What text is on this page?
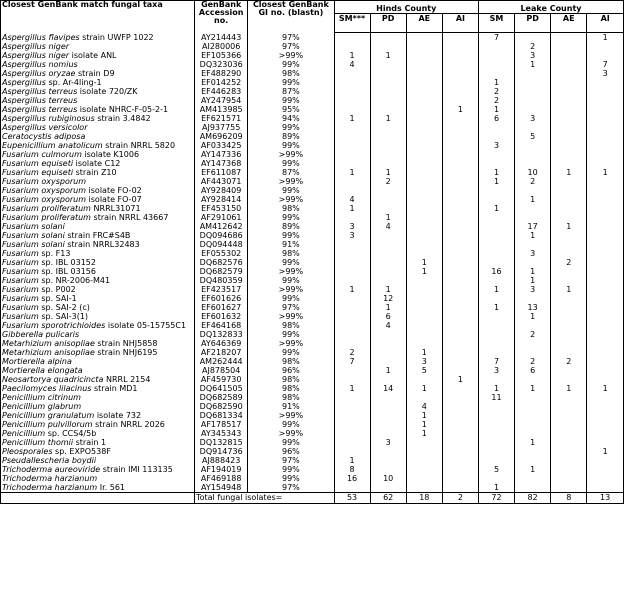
Closest GenBank match fungal taxa	GenBank Accession no.	Closest GenBank GI no. (blastn)	Hinds County				Leake County			
			SM***	PD	AE	AI	SM	PD	AE	AI

Aspergillus flavipes strain UWFP 1022	AY214443	97%					7			1
Aspergillus niger	AI280006	97%						2		
Aspergillus niger isolate ANL	EF105366	>99%	1	1				3		
Aspergillus nomius	DQ323036	99%	4					1		7
Aspergillus oryzae strain D9	EF488290	98%								3
Aspergillus sp. Ar-4ling-1	EF014252	99%					1			
Aspergillus terreus isolate 720/ZK	EF446283	87%					2			
Aspergillus terreus	AY247954	99%					2			
Aspergillus terreus isolate NHRC-F-05-2-1	AM413985	95%				1	1			
Aspergillus rubiginosus strain 3.4842	EF621571	94%	1	1			6	3		
Aspergillus versicolor	AJ937755	99%								
Ceratocystis adiposa	AM696209	89%						5		
Eupenicillium anatolicum strain NRRL 5820	AF033425	99%					3			
Fusarium culmorum isolate K1006	AY147336	>99%								
Fusarium equiseti isolate C12	AY147368	99%								
Fusarium equiseti strain Z10	EF611087	87%	1	1			1	10	1	1
Fusarium oxysporum	AF443071	>99%		2			1	2		
Fusarium oxysporum isolate FO-02	AY928409	99%								
Fusarium oxysporum isolate FO-07	AY928414	>99%	4					1		
Fusarium proliferatum NRRL31071	EF453150	98%	1				1			
Fusarium proliferatum strain NRRL 43667	AF291061	99%		1						
Fusarium solani	AM412642	89%	3	4				17	1	
Fusarium solani strain FRC#S4B	DQ094686	99%	3					1		
Fusarium solani strain NRRL32483	DQ094448	91%								
Fusarium sp. F13	EF055302	98%						3		
Fusarium sp. IBL 03152	DQ682576	99%			1				2	
Fusarium sp. IBL 03156	DQ682579	>99%			1		16	1		
Fusarium sp. NR-2006-M41	DQ480359	99%						1		
Fusarium sp. P002	EF423517	>99%	1	1			1	3	1	
Fusarium sp. SAI-1	EF601626	99%		12						
Fusarium sp. SAI-2 (c)	EF601627	97%		1			1	13		
Fusarium sp. SAI-3(1)	EF601632	>99%		6				1		
Fusarium sporotrichioides isolate 05-15755C1	EF464168	98%		4						
Gibberella pulicaris	DQ132833	99%						2		
Metarhizium anisopliae strain NHJ5858	AY646369	>99%								
Metarhizium anisopliae strain NHJ6195	AF218207	99%	2		1					
Mortierella alpina	AM262444	98%	7		3		7	2	2	
Mortierella elongata	AJ878504	96%		1	5		3	6		
Neosartorya quadricincta NRRL 2154	AF459730	98%				1				
Paecilomyces lilacinus strain MD1	DQ641505	98%	1	14	1		1	1	1	1
Penicillium citrinum	DQ682589	98%					11			
Penicillium glabrum	DQ682590	91%			4					
Penicillium granulatum isolate 732	DQ681334	>99%			1					
Penicillium pulvillorum strain NRRL 2026	AF178517	99%			1					
Penicillium sp. CCS4/5b	AY345343	>99%			1					
Penicillium thomii strain 1	DQ132815	99%		3				1		
Pleosporales sp. EXPO538F	DQ914736	96%								1
Pseudallescheria boydii	AJ888423	97%	1							
Trichoderma aureoviride strain IMI 113135	AF194019	99%	8				5	1		
Trichoderma harzianum	AF469188	99%	16	10						
Trichoderma harzianum Ir. 561	AY154948	97%					1			
	Total fungal isolates=		53	62	18	2	72	82	8	13
